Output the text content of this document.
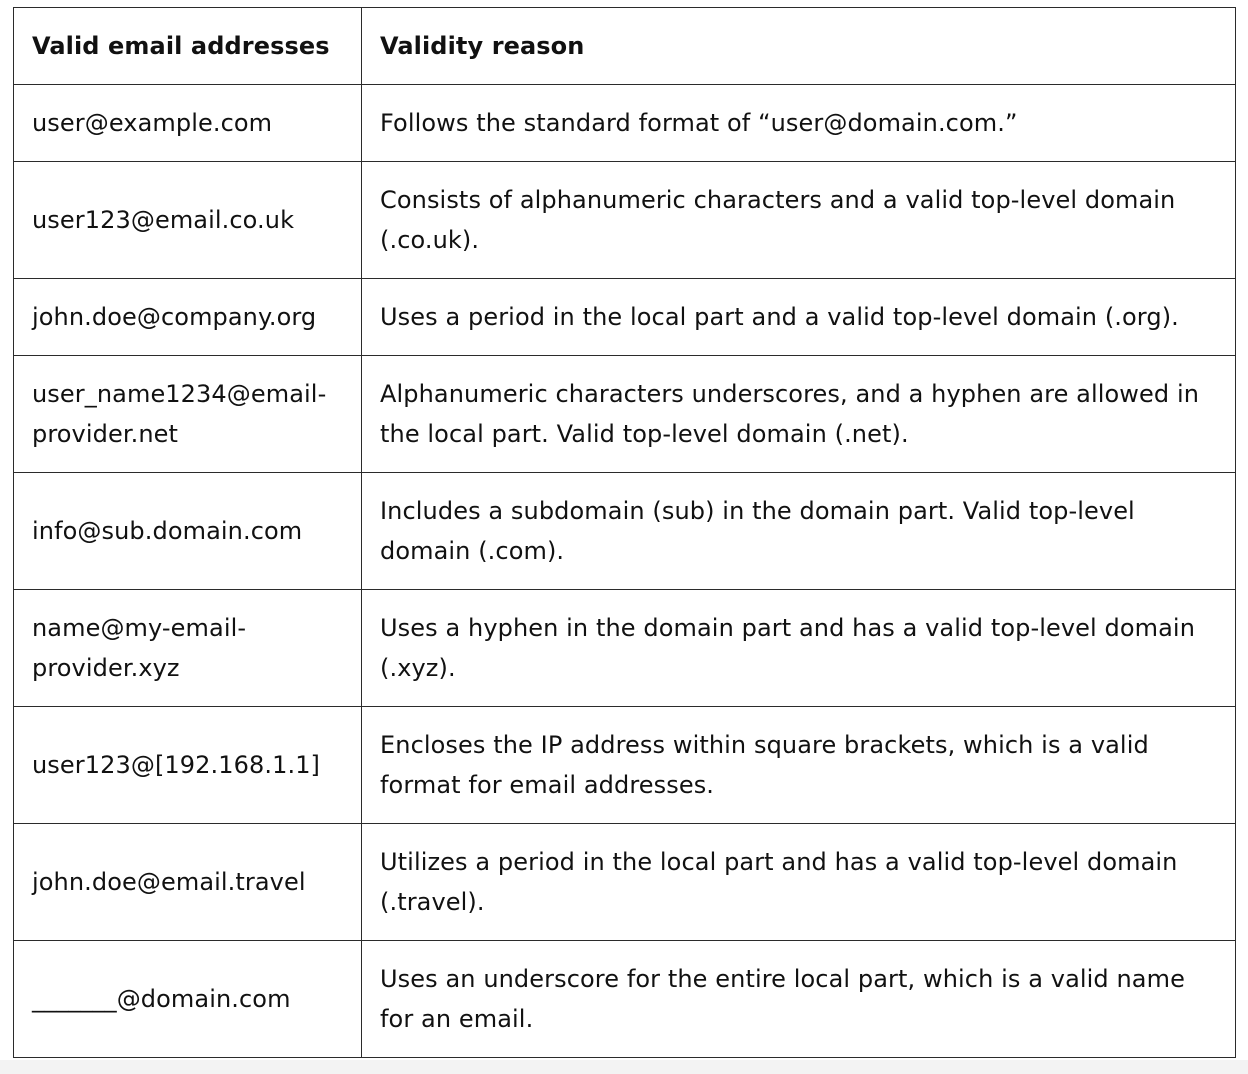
Valid email addresses	Validity reason

user@example.com	Follows the standard format of “user@domain.com.”

user123@email.co.uk	Consists of alphanumeric characters and a valid top-level domain (.co.uk).

john.doe@company.org	Uses a period in the local part and a valid top-level domain (.org).

user_name1234@email-provider.net	Alphanumeric characters underscores, and a hyphen are allowed in the local part. Valid top-level domain (.net).

info@sub.domain.com	Includes a subdomain (sub) in the domain part. Valid top-level domain (.com).

name@my-email-provider.xyz	Uses a hyphen in the domain part and has a valid top-level domain (.xyz).

user123@[192.168.1.1]	Encloses the IP address within square brackets, which is a valid format for email addresses.

john.doe@email.travel	Utilizes a period in the local part and has a valid top-level domain (.travel).

_______@domain.com	Uses an underscore for the entire local part, which is a valid name for an email.
